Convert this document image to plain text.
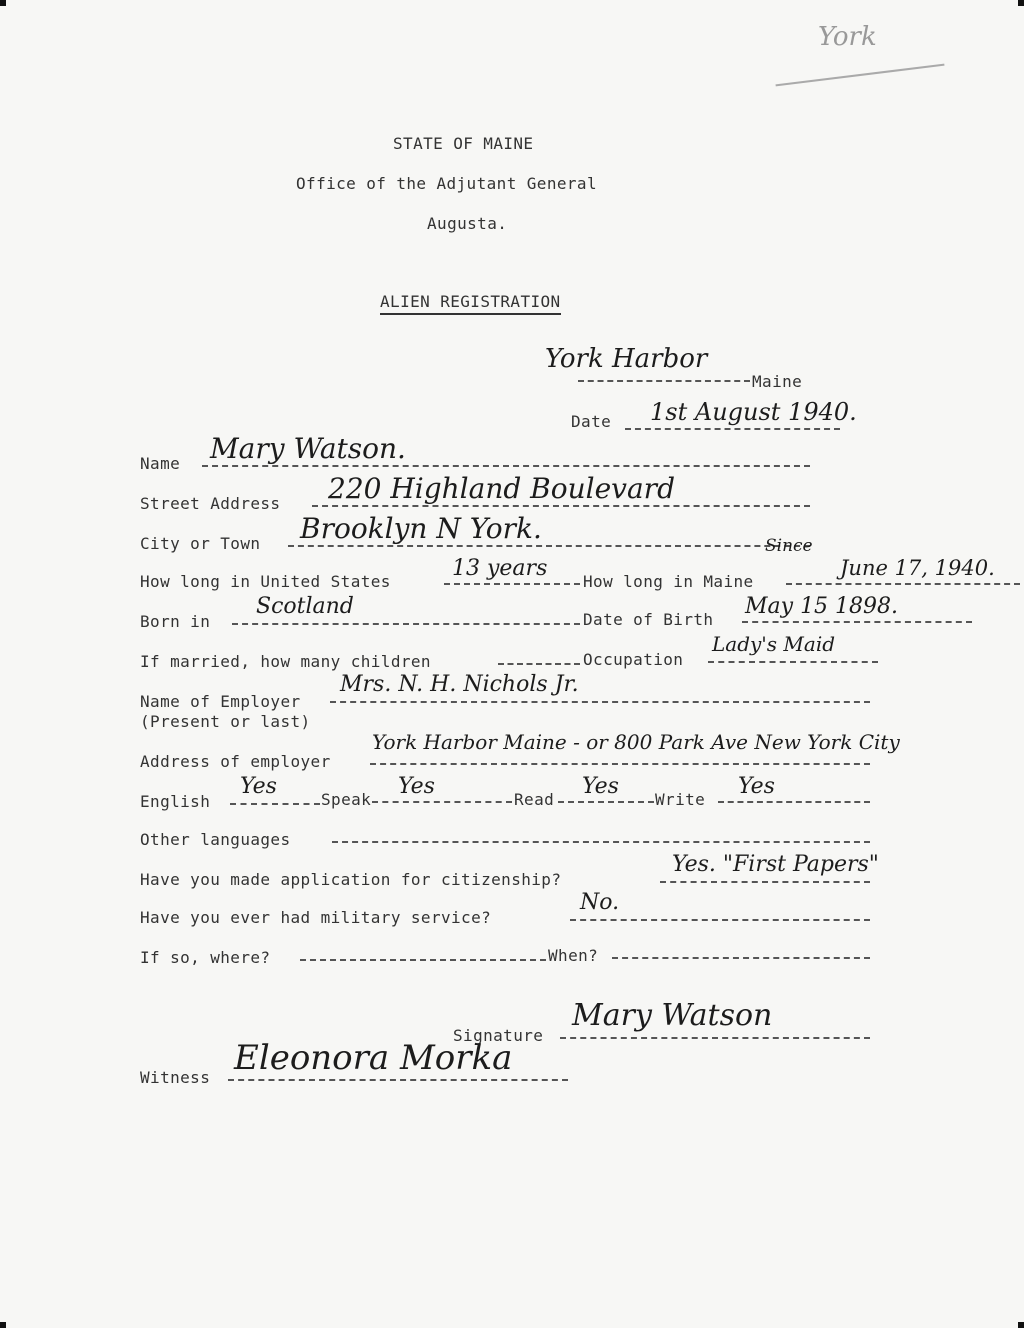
York
STATE OF MAINE
Office of the Adjutant General
Augusta.
ALIEN REGISTRATION
York Harbor
Maine
Date 1st August 1940.
Name Mary Watson.
Street Address 220 Highland Boulevard
City or Town Brooklyn N York.
How long in United States
13 years
How long in Maine
Since
June 17, 1940.
Born in
Scotland
Date of Birth
May 15 1898.
If married, how many children	Occupation
Lady's Maid
Name of Employer
(Present or last)
Mrs. N. H. Nichols Jr.
Address of employer
York Harbor Maine - or 800 Park Ave New York City
English
Yes
Speak
Yes
Read
Yes
Write
Yes
Other languages
Have you made application for citizenship?
Yes. "First Papers"
Have you ever had military service?
No.
If so, where?	When?
Signature
Mary Watson
Witness Eleonora Morka
